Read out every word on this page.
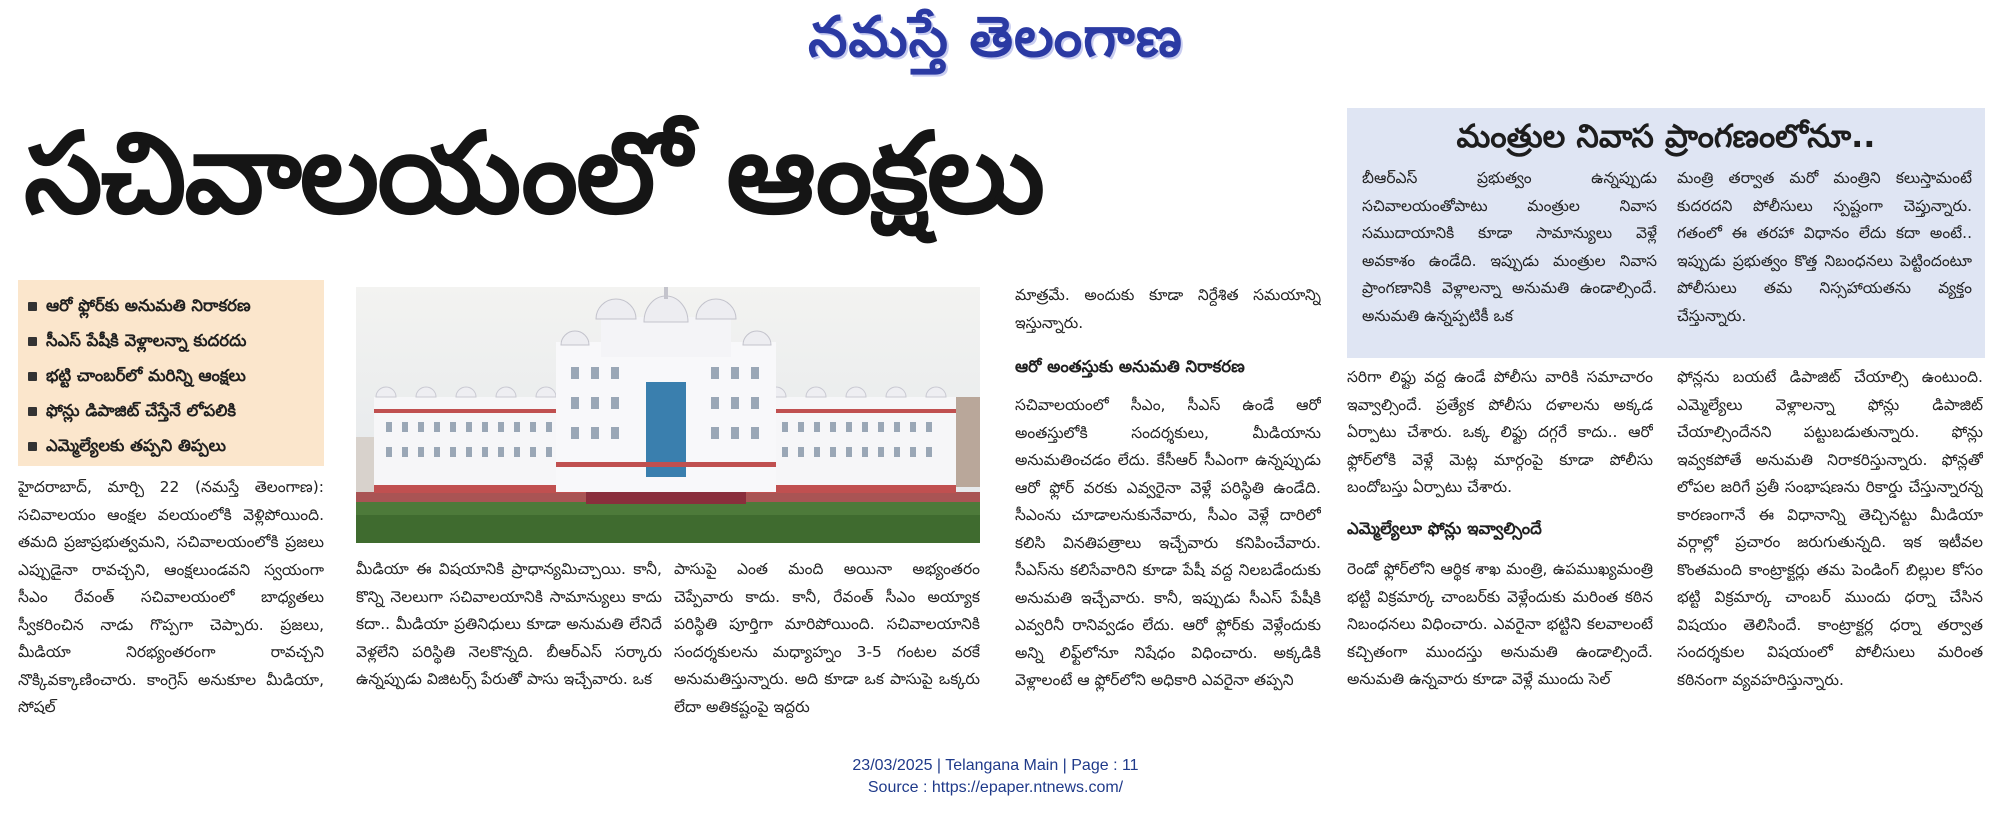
నమస్తే తెలంగాణ
సచివాలయంలో ఆంక్షలు	మంత్రుల నివాస ప్రాంగణంలోనూ..

బీఆర్‌ఎస్ ప్రభుత్వం ఉన్నప్పుడు సచివాలయంతోపాటు మంత్రుల నివాస సముదాయానికి కూడా సామాన్యులు వెళ్లే అవకాశం ఉండేది. ఇప్పుడు మంత్రుల నివాస ప్రాంగణానికి వెళ్లాలన్నా అనుమతి ఉండాల్సిందే. అనుమతి ఉన్నప్పటికీ ఒక

మంత్రి తర్వాత మరో మంత్రిని కలుస్తామంటే కుదరదని పోలీసులు స్పష్టంగా చెప్తున్నారు. గతంలో ఈ తరహా విధానం లేదు కదా అంటే.. ఇప్పుడు ప్రభుత్వం కొత్త నిబంధనలు పెట్టిందంటూ పోలీసులు తమ నిస్సహాయతను వ్యక్తం చేస్తున్నారు.

ఆరో ఫ్లోర్‌కు అనుమతి నిరాకరణ
సీఎస్ పేషీకి వెళ్లాలన్నా కుదరదు
భట్టి చాంబర్‌లో మరిన్ని ఆంక్షలు
ఫోన్లు డిపాజిట్ చేస్తేనే లోపలికి
ఎమ్మెల్యేలకు తప్పని తిప్పలు

హైదరాబాద్, మార్చి 22 (నమస్తే తెలంగాణ): సచివాలయం ఆంక్షల వలయంలోకి వెళ్లిపోయింది. తమది ప్రజాప్రభుత్వమని, సచివాలయంలోకి ప్రజలు ఎప్పుడైనా రావచ్చని, ఆంక్షలుండవని స్వయంగా సీఎం రేవంత్ సచివాలయంలో బాధ్యతలు స్వీకరించిన నాడు గొప్పగా చెప్పారు. ప్రజలు, మీడియా నిరభ్యంతరంగా రావచ్చని నొక్కివక్కాణించారు. కాంగ్రెస్ అనుకూల మీడియా, సోషల్

మీడియా ఈ విషయానికి ప్రాధాన్యమిచ్చాయి. కానీ, కొన్ని నెలలుగా సచివాలయానికి సామాన్యులు కాదు కదా.. మీడియా ప్రతినిధులు కూడా అనుమతి లేనిదే వెళ్లలేని పరిస్థితి నెలకొన్నది. బీఆర్‌ఎస్ సర్కారు ఉన్నప్పుడు విజిటర్స్ పేరుతో పాసు ఇచ్చేవారు. ఒక

మాత్రమే. అందుకు కూడా నిర్దేశిత సమయాన్ని ఇస్తున్నారు.

పాసుపై ఎంత మంది అయినా అభ్యంతరం చెప్పేవారు కాదు. కానీ, రేవంత్ సీఎం అయ్యాక పరిస్థితి పూర్తిగా మారిపోయింది. సచివాలయానికి సందర్శకులను మధ్యాహ్నం 3-5 గంటల వరకే అనుమతిస్తున్నారు. అది కూడా ఒక పాసుపై ఒక్కరు లేదా అతికష్టంపై ఇద్దరు

ఆరో అంతస్తుకు అనుమతి నిరాకరణ

సచివాలయంలో సీఎం, సీఎస్ ఉండే ఆరో అంతస్తులోకి సందర్శకులు, మీడియాను అనుమతించడం లేదు. కేసీఆర్ సీఎంగా ఉన్నప్పుడు ఆరో ఫ్లోర్ వరకు ఎవ్వరైనా వెళ్లే పరిస్థితి ఉండేది. సీఎంను చూడాలనుకునేవారు, సీఎం వెళ్లే దారిలో కలిసి వినతిపత్రాలు ఇచ్చేవారు కనిపించేవారు. సీఎస్‌ను కలిసేవారిని కూడా పేషీ వద్ద నిలబడేందుకు అనుమతి ఇచ్చేవారు. కానీ, ఇప్పుడు సీఎస్ పేషీకి ఎవ్వరినీ రానివ్వడం లేదు. ఆరో ఫ్లోర్‌కు వెళ్లేందుకు అన్ని లిఫ్ట్‌లోనూ నిషేధం విధించారు. అక్కడికి వెళ్లాలంటే ఆ ఫ్లోర్‌లోని అధికారి ఎవరైనా తప్పని

సరిగా లిఫ్టు వద్ద ఉండే పోలీసు వారికి సమాచారం ఇవ్వాల్సిందే. ప్రత్యేక పోలీసు దళాలను అక్కడ ఏర్పాటు చేశారు. ఒక్క లిఫ్టు దగ్గరే కాదు.. ఆరో ఫ్లోర్‌లోకి వెళ్లే మెట్ల మార్గంపై కూడా పోలీసు బందోబస్తు ఏర్పాటు చేశారు.

ఎమ్మెల్యేలూ ఫోన్లు ఇవ్వాల్సిందే

రెండో ఫ్లోర్‌లోని ఆర్థిక శాఖ మంత్రి, ఉపముఖ్యమంత్రి భట్టి విక్రమార్క చాంబర్‌కు వెళ్లేందుకు మరింత కఠిన నిబంధనలు విధించారు. ఎవరైనా భట్టిని కలవాలంటే కచ్చితంగా ముందస్తు అనుమతి ఉండాల్సిందే. అనుమతి ఉన్నవారు కూడా వెళ్లే ముందు సెల్

ఫోన్లను బయటే డిపాజిట్ చేయాల్సి ఉంటుంది. ఎమ్మెల్యేలు వెళ్లాలన్నా ఫోన్లు డిపాజిట్ చేయాల్సిందేనని పట్టుబడుతున్నారు. ఫోన్లు ఇవ్వకపోతే అనుమతి నిరాకరిస్తున్నారు. ఫోన్లతో లోపల జరిగే ప్రతీ సంభాషణను రికార్డు చేస్తున్నారన్న కారణంగానే ఈ విధానాన్ని తెచ్చినట్టు మీడియా వర్గాల్లో ప్రచారం జరుగుతున్నది. ఇక ఇటీవల కొంతమంది కాంట్రాక్టర్లు తమ పెండింగ్ బిల్లుల కోసం భట్టి విక్రమార్క చాంబర్ ముందు ధర్నా చేసిన విషయం తెలిసిందే. కాంట్రాక్టర్ల ధర్నా తర్వాత సందర్శకుల విషయంలో పోలీసులు మరింత కఠినంగా వ్యవహరిస్తున్నారు.

23/03/2025 | Telangana Main | Page : 11
Source : https://epaper.ntnews.com/
